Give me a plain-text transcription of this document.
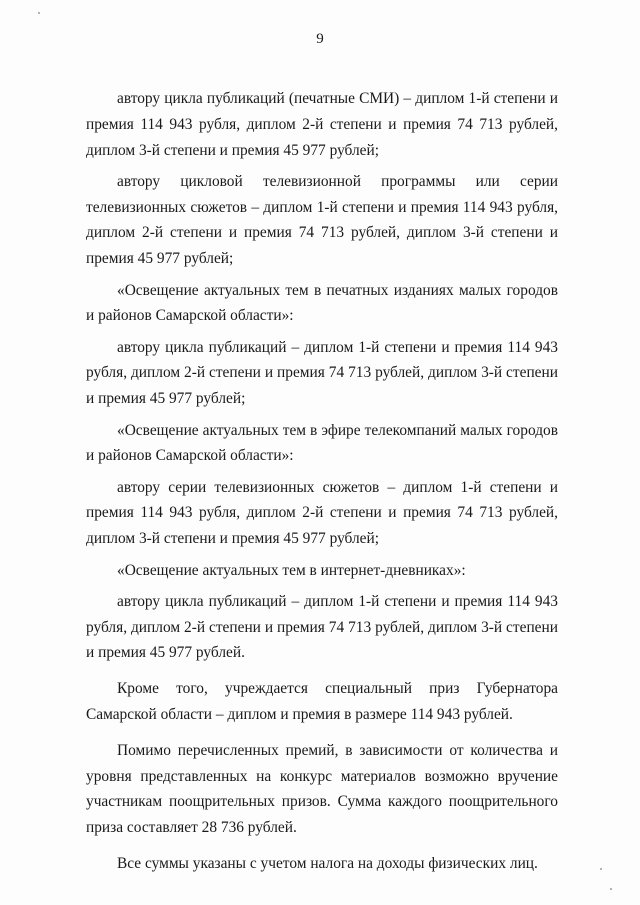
9

автору цикла публикаций (печатные СМИ) – диплом 1-й степени и премия 114 943 рубля, диплом 2-й степени и премия 74 713 рублей, диплом 3-й степени и премия 45 977 рублей;

автору цикловой телевизионной программы или серии телевизионных сюжетов – диплом 1-й степени и премия 114 943 рубля, диплом 2-й степени и премия 74 713 рублей, диплом 3-й степени и премия 45 977 рублей;

«Освещение актуальных тем в печатных изданиях малых городов и районов Самарской области»:

автору цикла публикаций – диплом 1-й степени и премия 114 943 рубля, диплом 2-й степени и премия 74 713 рублей, диплом 3-й степени и премия 45 977 рублей;

«Освещение актуальных тем в эфире телекомпаний малых городов и районов Самарской области»:

автору серии телевизионных сюжетов – диплом 1-й степени и премия 114 943 рубля, диплом 2-й степени и премия 74 713 рублей, диплом 3-й степени и премия 45 977 рублей;

«Освещение актуальных тем в интернет-дневниках»:

автору цикла публикаций – диплом 1-й степени и премия 114 943 рубля, диплом 2-й степени и премия 74 713 рублей, диплом 3-й степени и премия 45 977 рублей.

Кроме того, учреждается специальный приз Губернатора Самарской области – диплом и премия в размере 114 943 рублей.

Помимо перечисленных премий, в зависимости от количества и уровня представленных на конкурс материалов возможно вручение участникам поощрительных призов. Сумма каждого поощрительного приза составляет 28 736 рублей.

Все суммы указаны с учетом налога на доходы физических лиц.
